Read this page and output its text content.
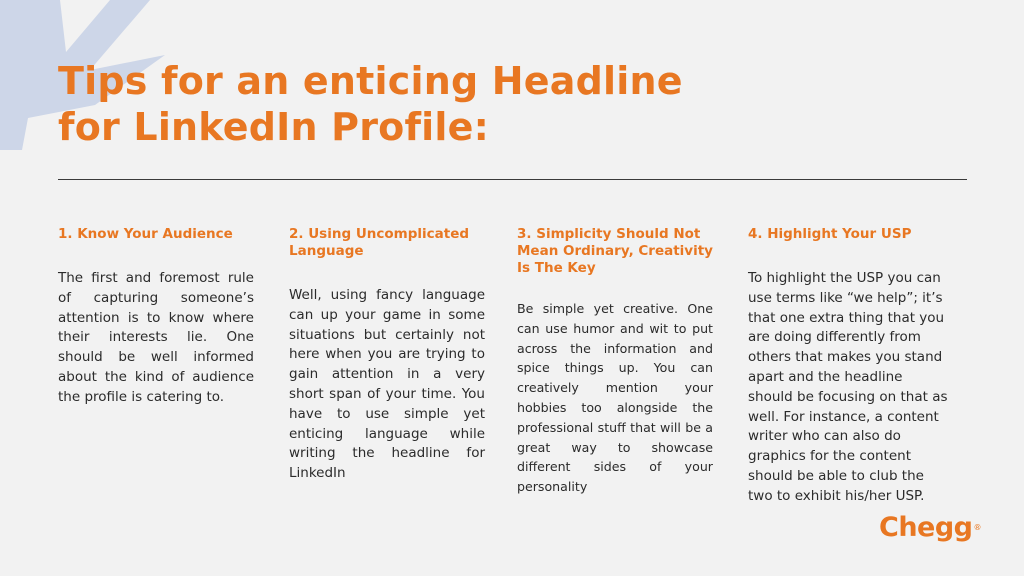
Tips for an enticing Headline
for LinkedIn Profile:
1. Know Your Audience

The first and foremost rule of capturing someone’s attention is to know where their interests lie. One should be well informed about the kind of audience the profile is catering to.

2. Using Uncomplicated Language

Well, using fancy language can up your game in some situations but certainly not here when you are trying to gain attention in a very short span of your time. You have to use simple yet enticing language while writing the headline for LinkedIn

3. Simplicity Should Not Mean Ordinary, Creativity Is The Key

Be simple yet creative. One can use humor and wit to put across the information and spice things up. You can creatively mention your hobbies too alongside the professional stuff that will be a great way to showcase different sides of your personality

4. Highlight Your USP

To highlight the USP you can use terms like “we help”; it’s that one extra thing that you are doing differently from others that makes you stand apart and the headline should be focusing on that as well. For instance, a content writer who can also do graphics for the content should be able to club the two to exhibit his/her USP.

Chegg®
